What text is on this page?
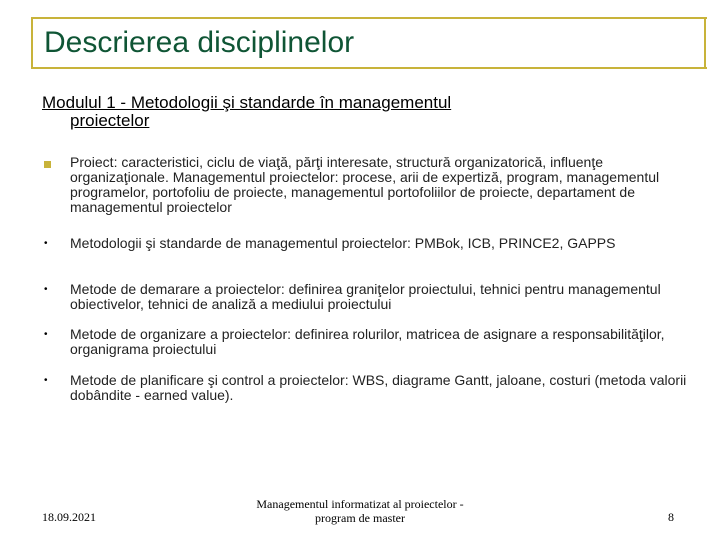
Descrierea disciplinelor
Modulul 1 - Metodologii şi standarde în managementul
proiectelor
Proiect: caracteristici, ciclu de viaţă, părţi interesate, structură organizatorică, influenţe organizaţionale. Managementul proiectelor: procese, arii de expertiză, program, managementul programelor, portofoliu de proiecte, managementul portofoliilor de proiecte, departament de managementul proiectelor
•	Metodologii şi standarde de managementul proiectelor: PMBok, ICB, PRINCE2, GAPPS
•	Metode de demarare a proiectelor: definirea graniţelor proiectului, tehnici pentru managementul obiectivelor, tehnici de analiză a mediului proiectului
•	Metode de organizare a proiectelor: definirea rolurilor, matricea de asignare a responsabilităţilor, organigrama proiectului
•	Metode de planificare şi control a proiectelor: WBS, diagrame Gantt, jaloane, costuri (metoda valorii dobândite - earned value).
18.09.2021
Managementul informatizat al proiectelor -
program de master	8
